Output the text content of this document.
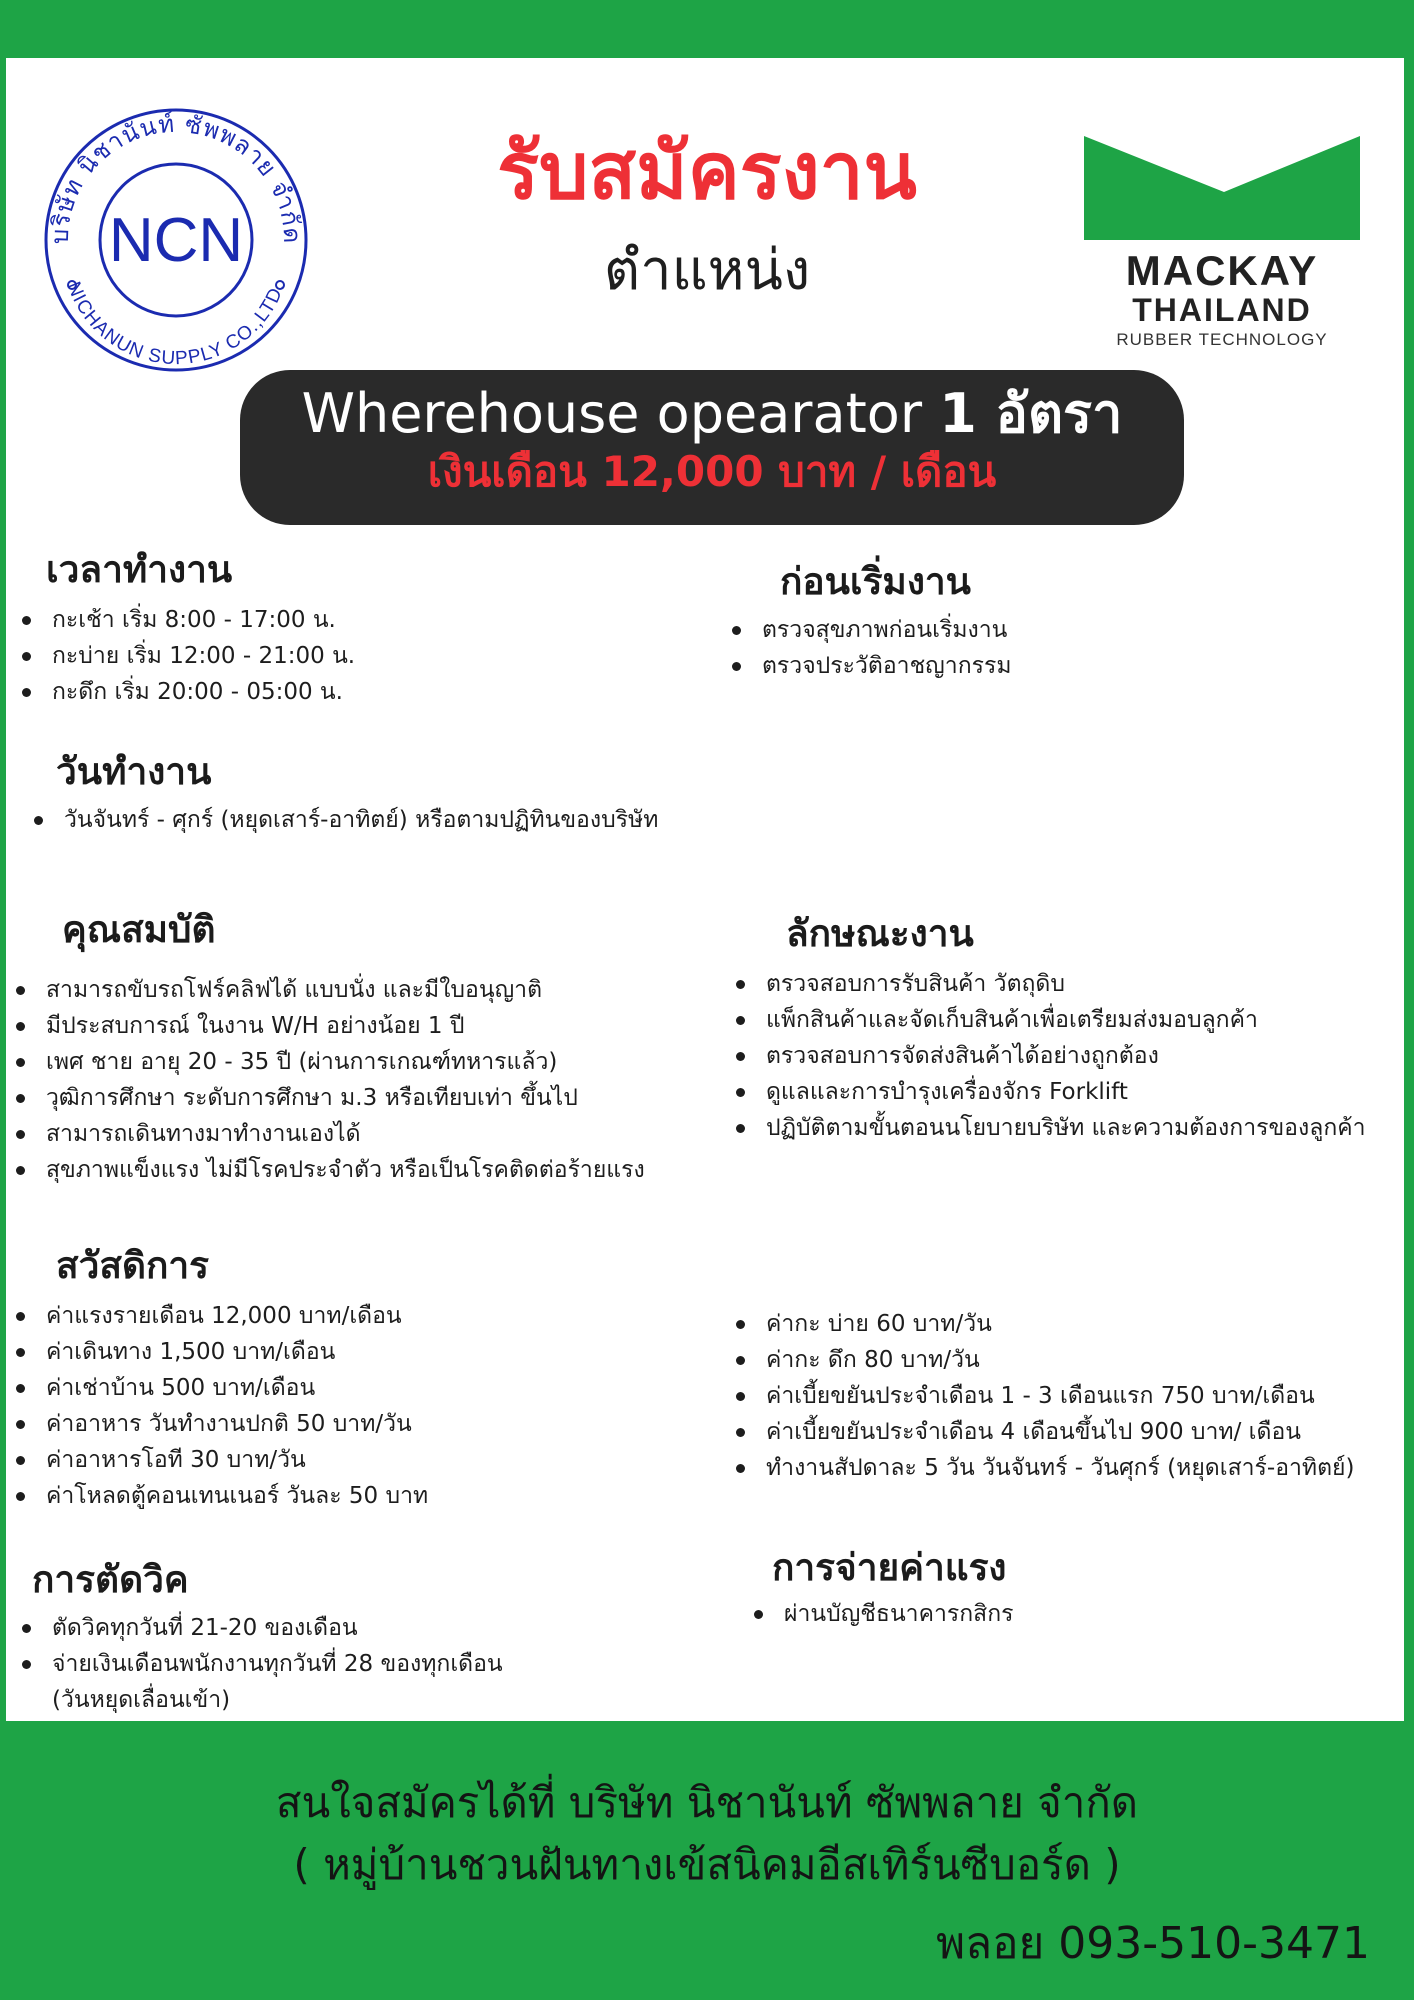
บริษัท นิชานันท์ ซัพพลาย จำกัด
NICHANUN SUPPLY CO.,LTD.
NCN	MACKAY
THAILAND
RUBBER TECHNOLOGY
รับสมัครงาน
ตำแหน่ง
Wherehouse opearator 1 อัตรา
เงินเดือน 12,000 บาท / เดือน
เวลาทำงาน
กะเช้า เริ่ม 8:00 - 17:00 น.
กะบ่าย เริ่ม 12:00 - 21:00 น.
กะดึก เริ่ม 20:00 - 05:00 น.
ก่อนเริ่มงาน
ตรวจสุขภาพก่อนเริ่มงาน
ตรวจประวัติอาชญากรรม
วันทำงาน
วันจันทร์ - ศุกร์ (หยุดเสาร์-อาทิตย์) หรือตามปฏิทินของบริษัท
คุณสมบัติ
สามารถขับรถโฟร์คลิฟได้ แบบนั่ง และมีใบอนุญาติ
มีประสบการณ์ ในงาน W/H อย่างน้อย 1 ปี
เพศ ชาย อายุ 20 - 35 ปี (ผ่านการเกณฑ์ทหารแล้ว)
วุฒิการศึกษา ระดับการศึกษา ม.3 หรือเทียบเท่า ขึ้นไป
สามารถเดินทางมาทำงานเองได้
สุขภาพแข็งแรง ไม่มีโรคประจำตัว หรือเป็นโรคติดต่อร้ายแรง
ลักษณะงาน
ตรวจสอบการรับสินค้า วัตถุดิบ
แพ็กสินค้าและจัดเก็บสินค้าเพื่อเตรียมส่งมอบลูกค้า
ตรวจสอบการจัดส่งสินค้าได้อย่างถูกต้อง
ดูแลและการบำรุงเครื่องจักร Forklift
ปฏิบัติตามขั้นตอนนโยบายบริษัท และความต้องการของลูกค้า
สวัสดิการ
ค่าแรงรายเดือน 12,000 บาท/เดือน
ค่าเดินทาง 1,500 บาท/เดือน
ค่าเช่าบ้าน 500 บาท/เดือน
ค่าอาหาร วันทำงานปกติ 50 บาท/วัน
ค่าอาหารโอที 30 บาท/วัน
ค่าโหลดตู้คอนเทนเนอร์ วันละ 50 บาท
ค่ากะ บ่าย 60 บาท/วัน
ค่ากะ ดึก 80 บาท/วัน
ค่าเบี้ยขยันประจำเดือน 1 - 3 เดือนแรก 750 บาท/เดือน
ค่าเบี้ยขยันประจำเดือน 4 เดือนขึ้นไป 900 บาท/ เดือน
ทำงานสัปดาละ 5 วัน วันจันทร์ - วันศุกร์ (หยุดเสาร์-อาทิตย์)
การตัดวิค
ตัดวิคทุกวันที่ 21-20 ของเดือน
จ่ายเงินเดือนพนักงานทุกวันที่ 28 ของทุกเดือน
(วันหยุดเลื่อนเข้า)
การจ่ายค่าแรง
ผ่านบัญชีธนาคารกสิกร
สนใจสมัครได้ที่ บริษัท นิชานันท์ ซัพพลาย จำกัด
( หมู่บ้านชวนฝันทางเข้สนิคมอีสเทิร์นซีบอร์ด )
พลอย 093-510-3471
